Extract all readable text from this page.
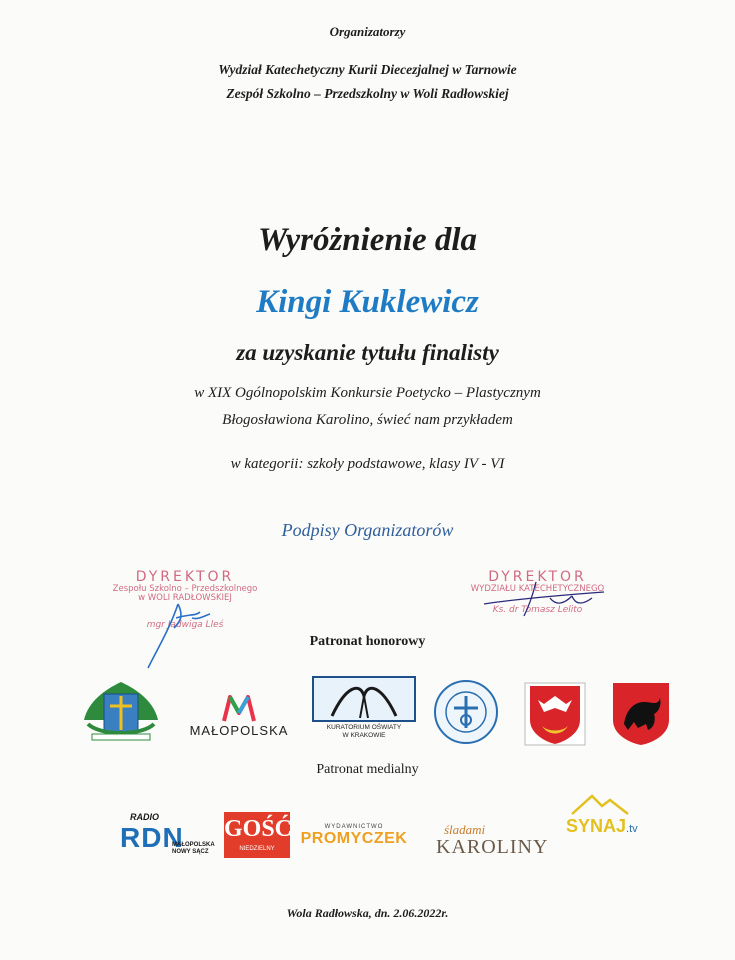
Organizatorzy
Wydział Katechetyczny Kurii Diecezjalnej w Tarnowie
Zespół Szkolno – Przedszkolny w Woli Radłowskiej
Wyróżnienie dla
Kingi Kuklewicz
za uzyskanie tytułu finalisty
w XIX Ogólnopolskim Konkursie Poetycko – Plastycznym
Błogosławiona Karolino, świeć nam przykładem
w kategorii: szkoły podstawowe, klasy IV - VI
Podpisy Organizatorów
DYREKTOR
Zespołu Szkolno – Przedszkolnego
w WOLI RADŁOWSKIEJ
mgr Jadwiga Lleś
DYREKTOR
WYDZIAŁU KATECHETYCZNEGO
Ks. dr Tomasz Lelito
Patronat honorowy
MAŁOPOLSKA	KURATORIUM OŚWIATY
W KRAKOWIE
Patronat medialny
RADIO
RDN
MAŁOPOLSKA
NOWY SĄCZ
GOŚĆ
NIEDZIELNY
WYDAWNICTWO
PROMYCZEK
śladami
KAROLINY
SYNAJ.tv
Wola Radłowska, dn. 2.06.2022r.
